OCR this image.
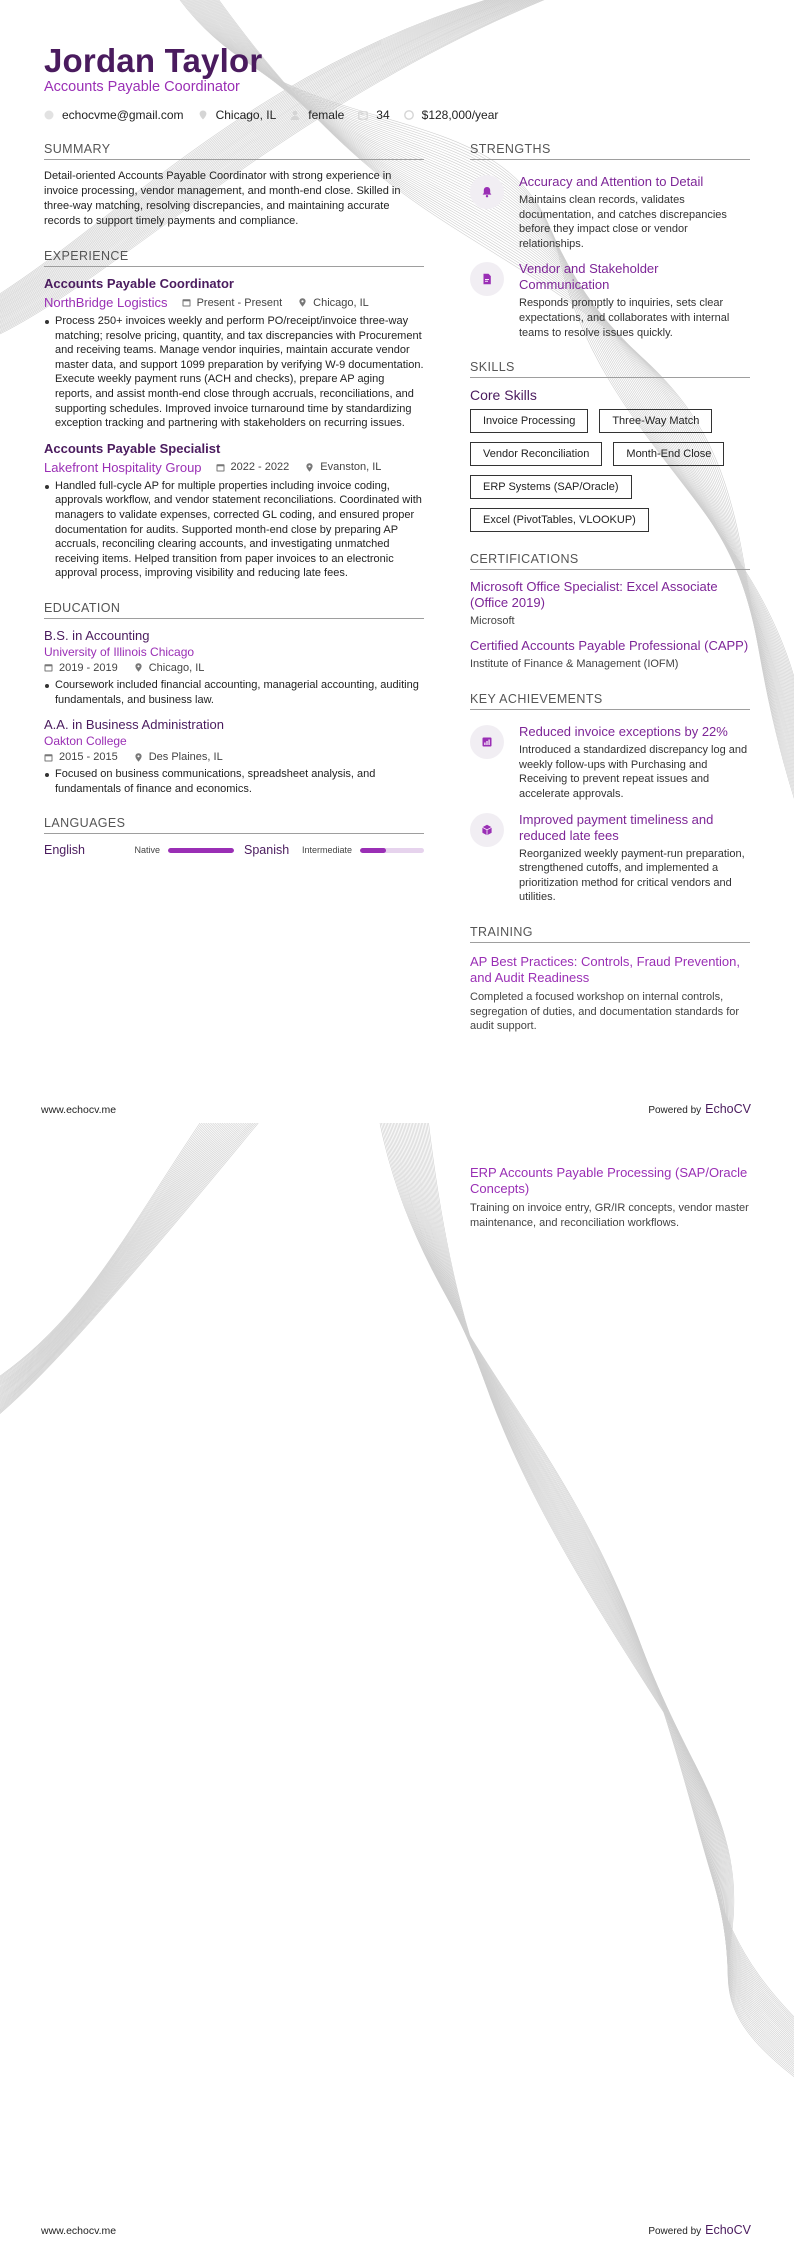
Jordan Taylor
Accounts Payable Coordinator
echocvme@gmail.com	Chicago, IL	female	34	$128,000/year
SUMMARY
Detail-oriented Accounts Payable Coordinator with strong experience in invoice processing, vendor management, and month-end close. Skilled in three-way matching, resolving discrepancies, and maintaining accurate records to support timely payments and compliance.
EXPERIENCE
Accounts Payable Coordinator
NorthBridge Logistics	Present - Present	Chicago, IL
Process 250+ invoices weekly and perform PO/receipt/invoice three-way matching; resolve pricing, quantity, and tax discrepancies with Procurement and receiving teams. Manage vendor inquiries, maintain accurate vendor master data, and support 1099 preparation by verifying W-9 documentation. Execute weekly payment runs (ACH and checks), prepare AP aging reports, and assist month-end close through accruals, reconciliations, and supporting schedules. Improved invoice turnaround time by standardizing exception tracking and partnering with stakeholders on recurring issues.
Accounts Payable Specialist
Lakefront Hospitality Group	2022 - 2022	Evanston, IL
Handled full-cycle AP for multiple properties including invoice coding, approvals workflow, and vendor statement reconciliations. Coordinated with managers to validate expenses, corrected GL coding, and ensured proper documentation for audits. Supported month-end close by preparing AP accruals, reconciling clearing accounts, and investigating unmatched receiving items. Helped transition from paper invoices to an electronic approval process, improving visibility and reducing late fees.
EDUCATION
B.S. in Accounting
University of Illinois Chicago
2019 - 2019	Chicago, IL
Coursework included financial accounting, managerial accounting, auditing fundamentals, and business law.
A.A. in Business Administration
Oakton College
2015 - 2015	Des Plaines, IL
Focused on business communications, spreadsheet analysis, and fundamentals of finance and economics.
LANGUAGES
English	Native	Spanish Intermediate
STRENGTHS
Accuracy and Attention to Detail
Maintains clean records, validates documentation, and catches discrepancies before they impact close or vendor relationships.
Vendor and Stakeholder Communication
Responds promptly to inquiries, sets clear expectations, and collaborates with internal teams to resolve issues quickly.
SKILLS
Core Skills
Invoice Processing	Three-Way Match
Vendor Reconciliation	Month-End Close
ERP Systems (SAP/Oracle)
Excel (PivotTables, VLOOKUP)
CERTIFICATIONS
Microsoft Office Specialist: Excel Associate (Office 2019)
Microsoft
Certified Accounts Payable Professional (CAPP)
Institute of Finance & Management (IOFM)
KEY ACHIEVEMENTS
Reduced invoice exceptions by 22%
Introduced a standardized discrepancy log and weekly follow-ups with Purchasing and Receiving to prevent repeat issues and accelerate approvals.
Improved payment timeliness and reduced late fees
Reorganized weekly payment-run preparation, strengthened cutoffs, and implemented a prioritization method for critical vendors and utilities.
TRAINING
AP Best Practices: Controls, Fraud Prevention, and Audit Readiness
Completed a focused workshop on internal controls, segregation of duties, and documentation standards for audit support.
www.echocv.me	Powered by EchoCV
ERP Accounts Payable Processing (SAP/Oracle Concepts)
Training on invoice entry, GR/IR concepts, vendor master maintenance, and reconciliation workflows.
www.echocv.me	Powered by EchoCV
